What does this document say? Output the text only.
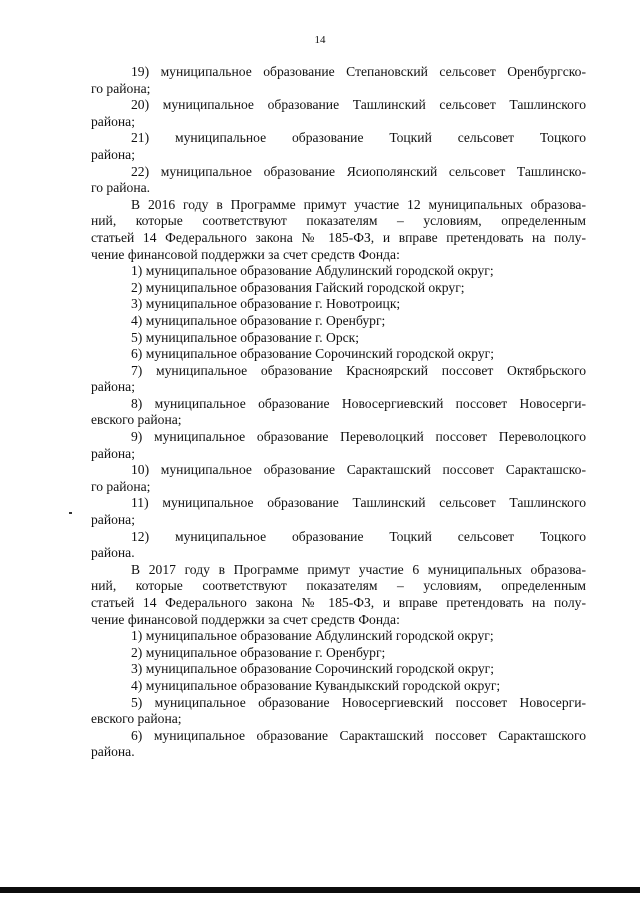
14

19) муниципальное образование Степановский сельсовет Оренбургско-

го района;

20) муниципальное образование Ташлинский сельсовет Ташлинского

района;

21) муниципальное образование Тоцкий сельсовет Тоцкого

района;

22) муниципальное образование Ясиополянский сельсовет Ташлинско-

го района.

В 2016 году в Программе примут участие 12 муниципальных образова-

ний, которые соответствуют показателям – условиям, определенным

статьей 14 Федерального закона № 185-ФЗ, и вправе претендовать на полу-

чение финансовой поддержки за счет средств Фонда:

1) муниципальное образование Абдулинский городской округ;

2) муниципальное образования Гайский городской округ;

3) муниципальное образование г. Новотроицк;

4) муниципальное образование г. Оренбург;

5) муниципальное образование г. Орск;

6) муниципальное образование Сорочинский городской округ;

7) муниципальное образование Красноярский поссовет Октябрьского

района;

8) муниципальное образование Новосергиевский поссовет Новосерги-

евского района;

9) муниципальное образование Переволоцкий поссовет Переволоцкого

района;

10) муниципальное образование Саракташский поссовет Саракташско-

го района;

11) муниципальное образование Ташлинский сельсовет Ташлинского

района;

12) муниципальное образование Тоцкий сельсовет Тоцкого

района.

В 2017 году в Программе примут участие 6 муниципальных образова-

ний, которые соответствуют показателям – условиям, определенным

статьей 14 Федерального закона № 185-ФЗ, и вправе претендовать на полу-

чение финансовой поддержки за счет средств Фонда:

1) муниципальное образование Абдулинский городской округ;

2) муниципальное образование г. Оренбург;

3) муниципальное образование Сорочинский городской округ;

4) муниципальное образование Кувандыкский городской округ;

5) муниципальное образование Новосергиевский поссовет Новосерги-

евского района;

6) муниципальное образование Саракташский поссовет Саракташского

района.
